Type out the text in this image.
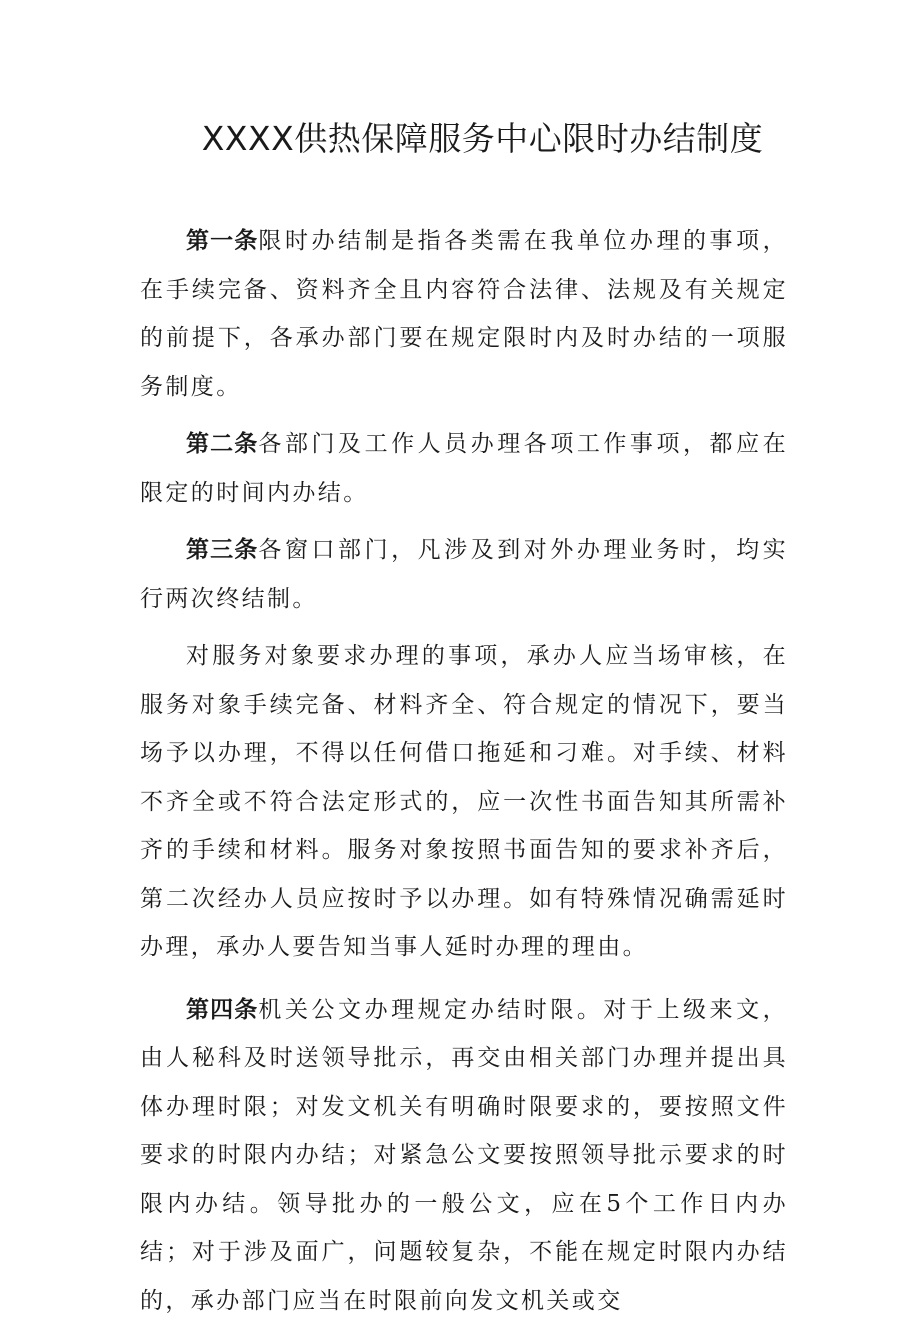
XXXX供热保障服务中心限时办结制度

第一条限时办结制是指各类需在我单位办理的事项，在手续完备、资料齐全且内容符合法律、法规及有关规定的前提下，各承办部门要在规定限时内及时办结的一项服务制度。

第二条各部门及工作人员办理各项工作事项，都应在限定的时间内办结。

第三条各窗口部门，凡涉及到对外办理业务时，均实行两次终结制。

对服务对象要求办理的事项，承办人应当场审核，在服务对象手续完备、材料齐全、符合规定的情况下，要当场予以办理，不得以任何借口拖延和刁难。对手续、材料不齐全或不符合法定形式的，应一次性书面告知其所需补齐的手续和材料。服务对象按照书面告知的要求补齐后，第二次经办人员应按时予以办理。如有特殊情况确需延时办理，承办人要告知当事人延时办理的理由。

第四条机关公文办理规定办结时限。对于上级来文，由人秘科及时送领导批示，再交由相关部门办理并提出具体办理时限；对发文机关有明确时限要求的，要按照文件要求的时限内办结；对紧急公文要按照领导批示要求的时限内办结。领导批办的一般公文，应在5个工作日内办结；对于涉及面广，问题较复杂，不能在规定时限内办结的，承办部门应当在时限前向发文机关或交
